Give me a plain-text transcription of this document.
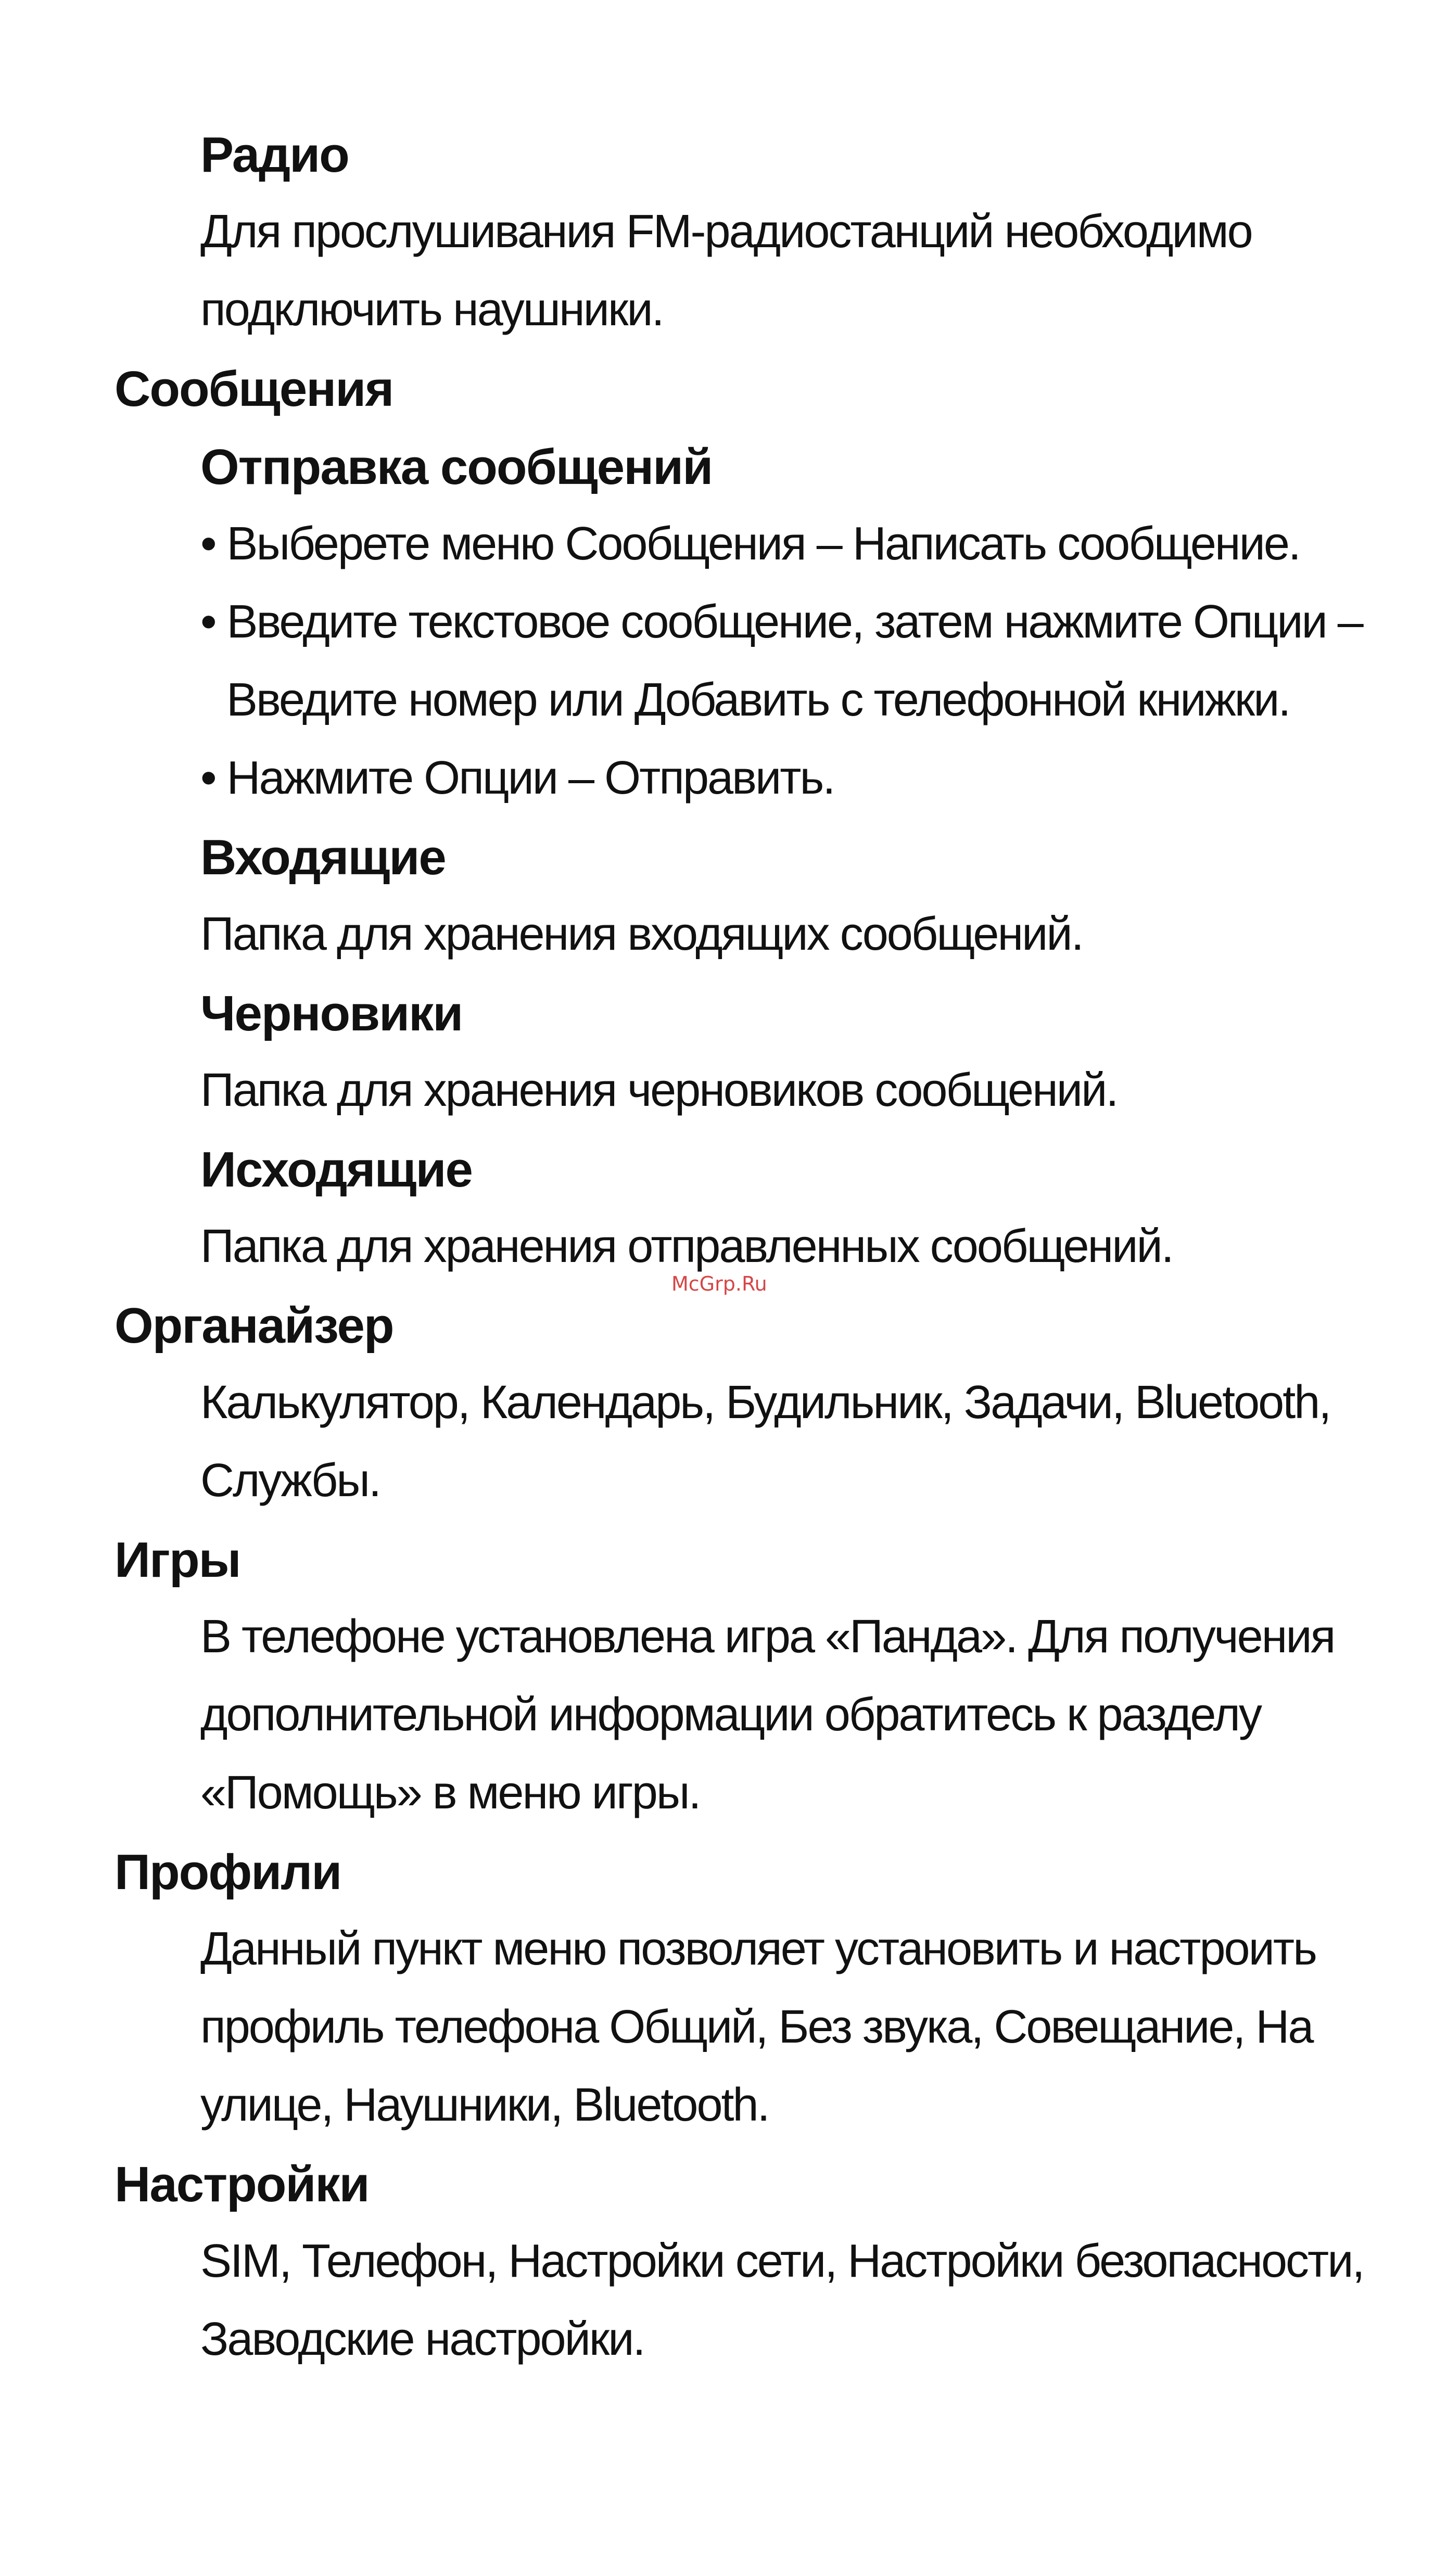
Радио
Для прослушивания FM-радиостанций необходимо
подключить наушники.
Сообщения
Отправка сообщений
• Выберете меню Сообщения – Написать сообщение.
• Введите текстовое сообщение, затем нажмите Опции –
Введите номер или Добавить с телефонной книжки.
• Нажмите Опции – Отправить.
Входящие
Папка для хранения входящих сообщений.
Черновики
Папка для хранения черновиков сообщений.
Исходящие
Папка для хранения отправленных сообщений.
McGrp.Ru
Органайзер
Калькулятор, Календарь, Будильник, Задачи, Bluetooth,
Службы.
Игры
В телефоне установлена игра «Панда». Для получения
дополнительной информации обратитесь к разделу
«Помощь» в меню игры.
Профили
Данный пункт меню позволяет установить и настроить
профиль телефона Общий, Без звука, Совещание, На
улице, Наушники, Bluetooth.
Настройки
SIM, Телефон, Настройки сети, Настройки безопасности,
Заводские настройки.
